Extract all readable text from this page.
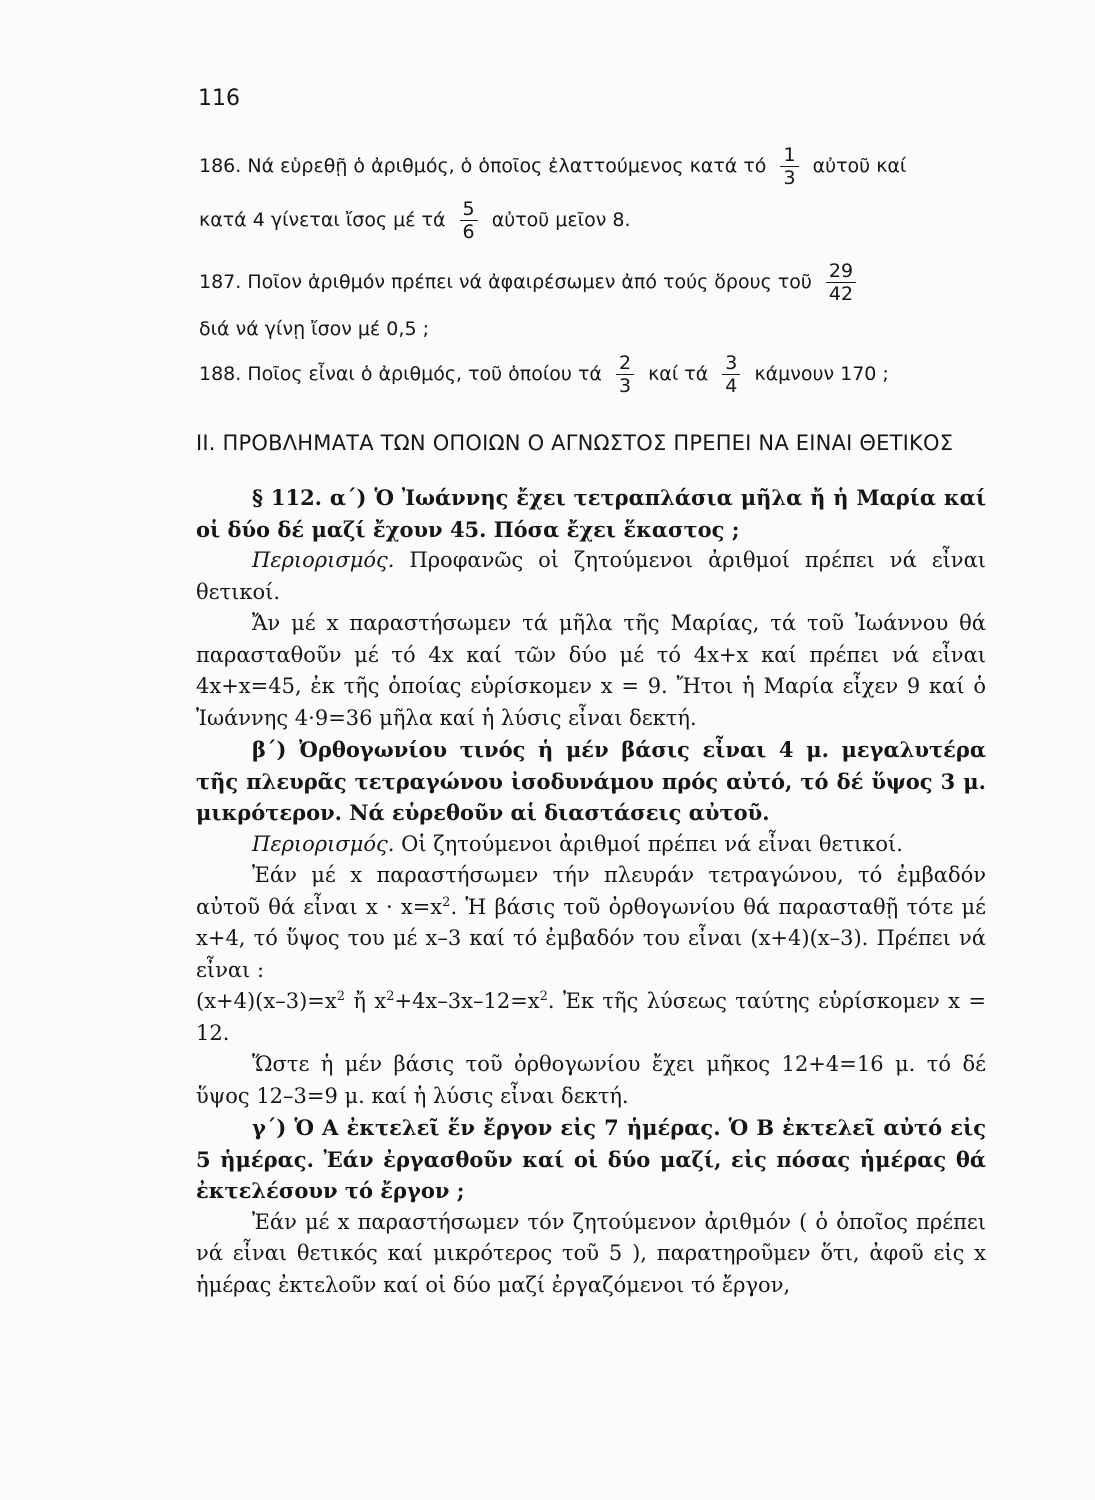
116
186. Νά εὑρεθῇ ὁ ἀριθμός, ὁ ὁποῖος ἐλαττούμενος κατά τό $\frac{1}{3}$ αὐτοῦ καί
κατά 4 γίνεται ἴσος μέ τά $\frac{5}{6}$ αὐτοῦ μεῖον 8.
187. Ποῖον ἀριθμόν πρέπει νά ἀφαιρέσωμεν ἀπό τούς ὅρους τοῦ $\frac{29}{42}$
διά νά γίνῃ ἴσον μέ 0,5 ;
188. Ποῖος εἶναι ὁ ἀριθμός, τοῦ ὁποίου τά $\frac{2}{3}$ καί τά $\frac{3}{4}$ κάμνουν 170 ;
ΙΙ. ΠΡΟΒΛΗΜΑΤΑ ΤΩΝ ΟΠΟΙΩΝ Ο ΑΓΝΩΣΤΟΣ ΠΡΕΠΕΙ ΝΑ ΕΙΝΑΙ ΘΕΤΙΚΟΣ

§ 112. α΄) Ὁ Ἰωάννης ἔχει τετραπλάσια μῆλα ἤ ἡ Μαρία καί οἱ δύο δέ μαζί ἔχουν 45. Πόσα ἔχει ἕκαστος ;

Περιορισμός. Προφανῶς οἱ ζητούμενοι ἀριθμοί πρέπει νά εἶναι θετικοί.

Ἄν μέ x παραστήσωμεν τά μῆλα τῆς Μαρίας, τά τοῦ Ἰωάννου θά παρασταθοῦν μέ τό 4x καί τῶν δύο μέ τό 4x+x καί πρέπει νά εἶναι 4x+x=45, ἐκ τῆς ὁποίας εὑρίσκομεν x = 9. Ἤτοι ἡ Μαρία εἶχεν 9 καί ὁ Ἰωάννης 4·9=36 μῆλα καί ἡ λύσις εἶναι δεκτή.

β΄) Ὀρθογωνίου τινός ἡ μέν βάσις εἶναι 4 μ. μεγαλυτέρα τῆς πλευρᾶς τετραγώνου ἰσοδυνάμου πρός αὐτό, τό δέ ὕψος 3 μ. μικρότερον. Νά εὑρεθοῦν αἱ διαστάσεις αὐτοῦ.

Περιορισμός. Οἱ ζητούμενοι ἀριθμοί πρέπει νά εἶναι θετικοί.

Ἐάν μέ x παραστήσωμεν τήν πλευράν τετραγώνου, τό ἐμβαδόν αὐτοῦ θά εἶναι $x \cdot x=x^2$. Ἡ βάσις τοῦ ὀρθογωνίου θά παρασταθῇ τότε μέ x+4, τό ὕψος του μέ x–3 καί τό ἐμβαδόν του εἶναι (x+4)(x–3). Πρέπει νά εἶναι :

$(x+4)(x-3)=x^2$ ἤ $x^2+4x-3x-12=x^2$. Ἐκ τῆς λύσεως ταύτης εὑρίσκομεν x = 12.

Ὥστε ἡ μέν βάσις τοῦ ὀρθογωνίου ἔχει μῆκος 12+4=16 μ. τό δέ ὕψος 12–3=9 μ. καί ἡ λύσις εἶναι δεκτή.

γ΄) Ὁ Α ἐκτελεῖ ἕν ἔργον εἰς 7 ἡμέρας. Ὁ Β ἐκτελεῖ αὐτό εἰς 5 ἡμέρας. Ἐάν ἐργασθοῦν καί οἱ δύο μαζί, εἰς πόσας ἡμέρας θά ἐκτελέσουν τό ἔργον ;

Ἐάν μέ x παραστήσωμεν τόν ζητούμενον ἀριθμόν ( ὁ ὁποῖος πρέπει νά εἶναι θετικός καί μικρότερος τοῦ 5 ), παρατηροῦμεν ὅτι, ἀφοῦ εἰς x ἡμέρας ἐκτελοῦν καί οἱ δύο μαζί ἐργαζόμενοι τό ἔργον,
